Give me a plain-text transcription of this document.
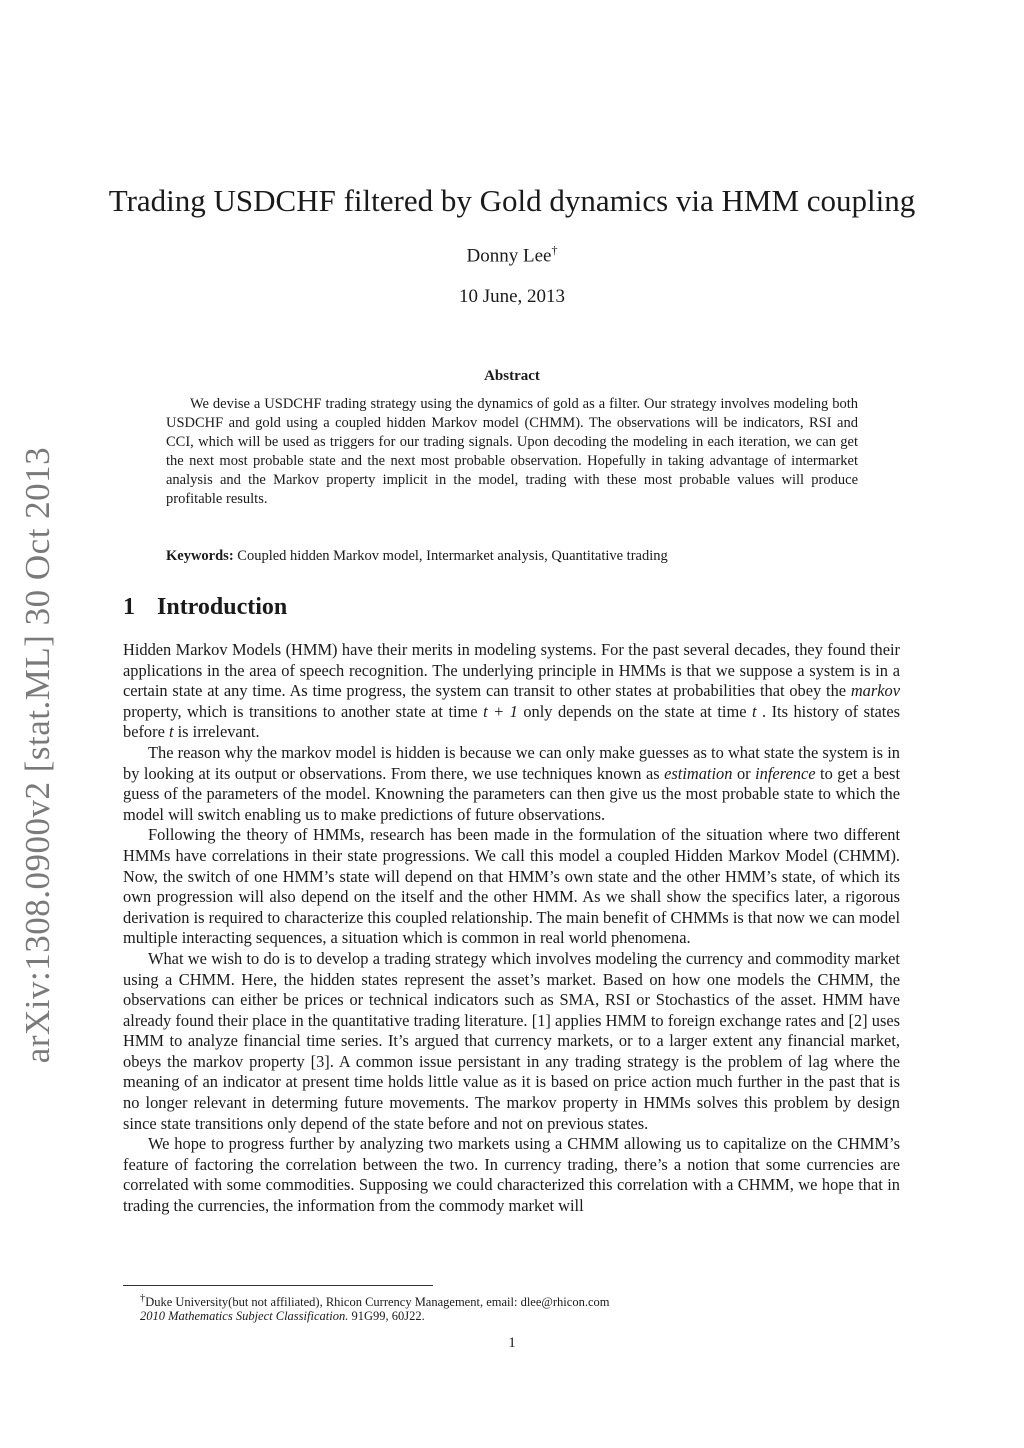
arXiv:1308.0900v2 [stat.ML] 30 Oct 2013
Trading USDCHF filtered by Gold dynamics via HMM coupling
Donny Lee†
10 June, 2013
Abstract

We devise a USDCHF trading strategy using the dynamics of gold as a filter. Our strategy involves modeling both USDCHF and gold using a coupled hidden Markov model (CHMM). The observations will be indicators, RSI and CCI, which will be used as triggers for our trading signals. Upon decoding the modeling in each iteration, we can get the next most probable state and the next most probable observation. Hopefully in taking advantage of intermarket analysis and the Markov property implicit in the model, trading with these most probable values will produce profitable results.

Keywords: Coupled hidden Markov model, Intermarket analysis, Quantitative trading
1 Introduction

Hidden Markov Models (HMM) have their merits in modeling systems. For the past several decades, they found their applications in the area of speech recognition. The underlying principle in HMMs is that we suppose a system is in a certain state at any time. As time progress, the system can transit to other states at probabilities that obey the markov property, which is transitions to another state at time t + 1 only depends on the state at time t . Its history of states before t is irrelevant.

The reason why the markov model is hidden is because we can only make guesses as to what state the system is in by looking at its output or observations. From there, we use techniques known as estimation or inference to get a best guess of the parameters of the model. Knowning the parameters can then give us the most probable state to which the model will switch enabling us to make predictions of future observations.

Following the theory of HMMs, research has been made in the formulation of the situation where two different HMMs have correlations in their state progressions. We call this model a coupled Hidden Markov Model (CHMM). Now, the switch of one HMM’s state will depend on that HMM’s own state and the other HMM’s state, of which its own progression will also depend on the itself and the other HMM. As we shall show the specifics later, a rigorous derivation is required to characterize this coupled relationship. The main benefit of CHMMs is that now we can model multiple interacting sequences, a situation which is common in real world phenomena.

What we wish to do is to develop a trading strategy which involves modeling the currency and commodity market using a CHMM. Here, the hidden states represent the asset’s market. Based on how one models the CHMM, the observations can either be prices or technical indicators such as SMA, RSI or Stochastics of the asset. HMM have already found their place in the quantitative trading literature. [1] applies HMM to foreign exchange rates and [2] uses HMM to analyze financial time series. It’s argued that currency markets, or to a larger extent any financial market, obeys the markov property [3]. A common issue persistant in any trading strategy is the problem of lag where the meaning of an indicator at present time holds little value as it is based on price action much further in the past that is no longer relevant in determing future movements. The markov property in HMMs solves this problem by design since state transitions only depend of the state before and not on previous states.

We hope to progress further by analyzing two markets using a CHMM allowing us to capitalize on the CHMM’s feature of factoring the correlation between the two. In currency trading, there’s a notion that some currencies are correlated with some commodities. Supposing we could characterized this correlation with a CHMM, we hope that in trading the currencies, the information from the commody market will

†Duke University(but not affiliated), Rhicon Currency Management, email: dlee@rhicon.com
2010 Mathematics Subject Classification. 91G99, 60J22.
1
